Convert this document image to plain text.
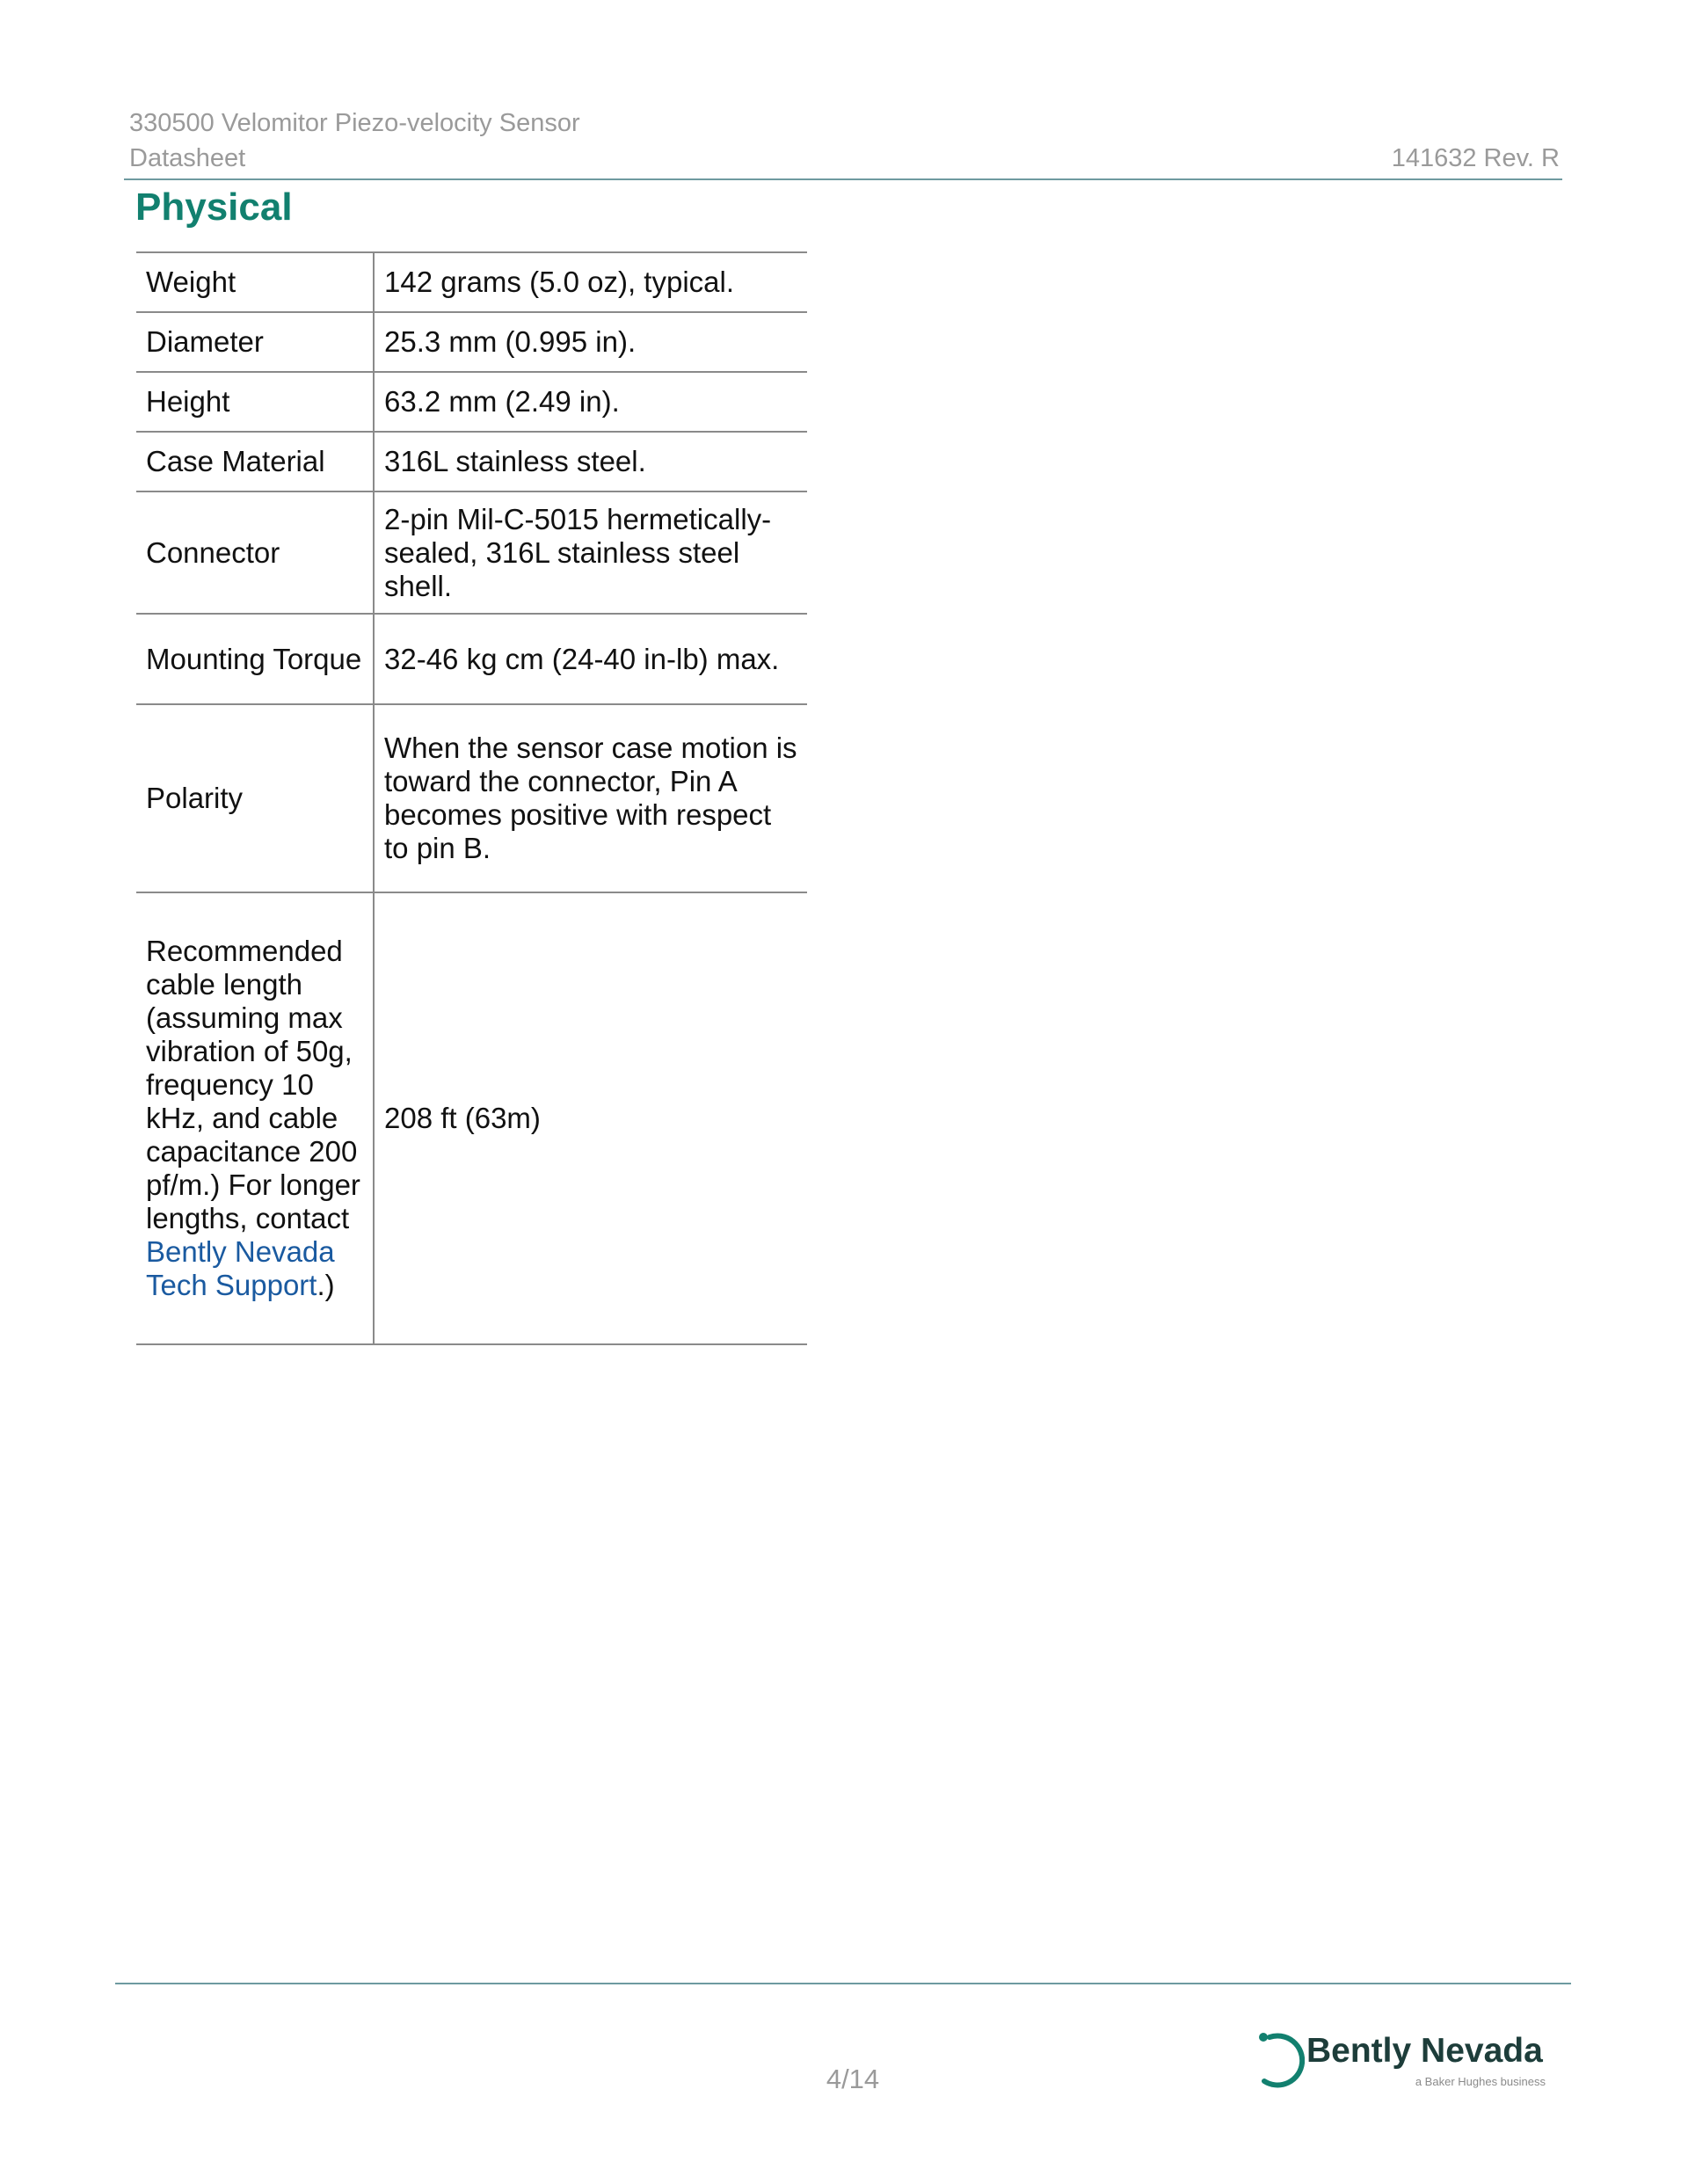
330500 Velomitor Piezo-velocity Sensor
Datasheet	141632 Rev. R
Physical
Weight	142 grams (5.0 oz), typical.
Diameter	25.3 mm (0.995 in).
Height	63.2 mm (2.49 in).
Case Material	316L stainless steel.
Connector	2-pin Mil-C-5015 hermetically-sealed, 316L stainless steel shell.
Mounting Torque	32-46 kg cm (24-40 in-lb) max.
Polarity	When the sensor case motion is toward the connector, Pin A becomes positive with respect to pin B.
Recommended cable length (assuming max vibration of 50g, frequency 10 kHz, and cable capacitance 200 pf/m.) For longer lengths, contact Bently Nevada Tech Support.)	208 ft (63m)
4/14
Bently Nevada
a Baker Hughes business
